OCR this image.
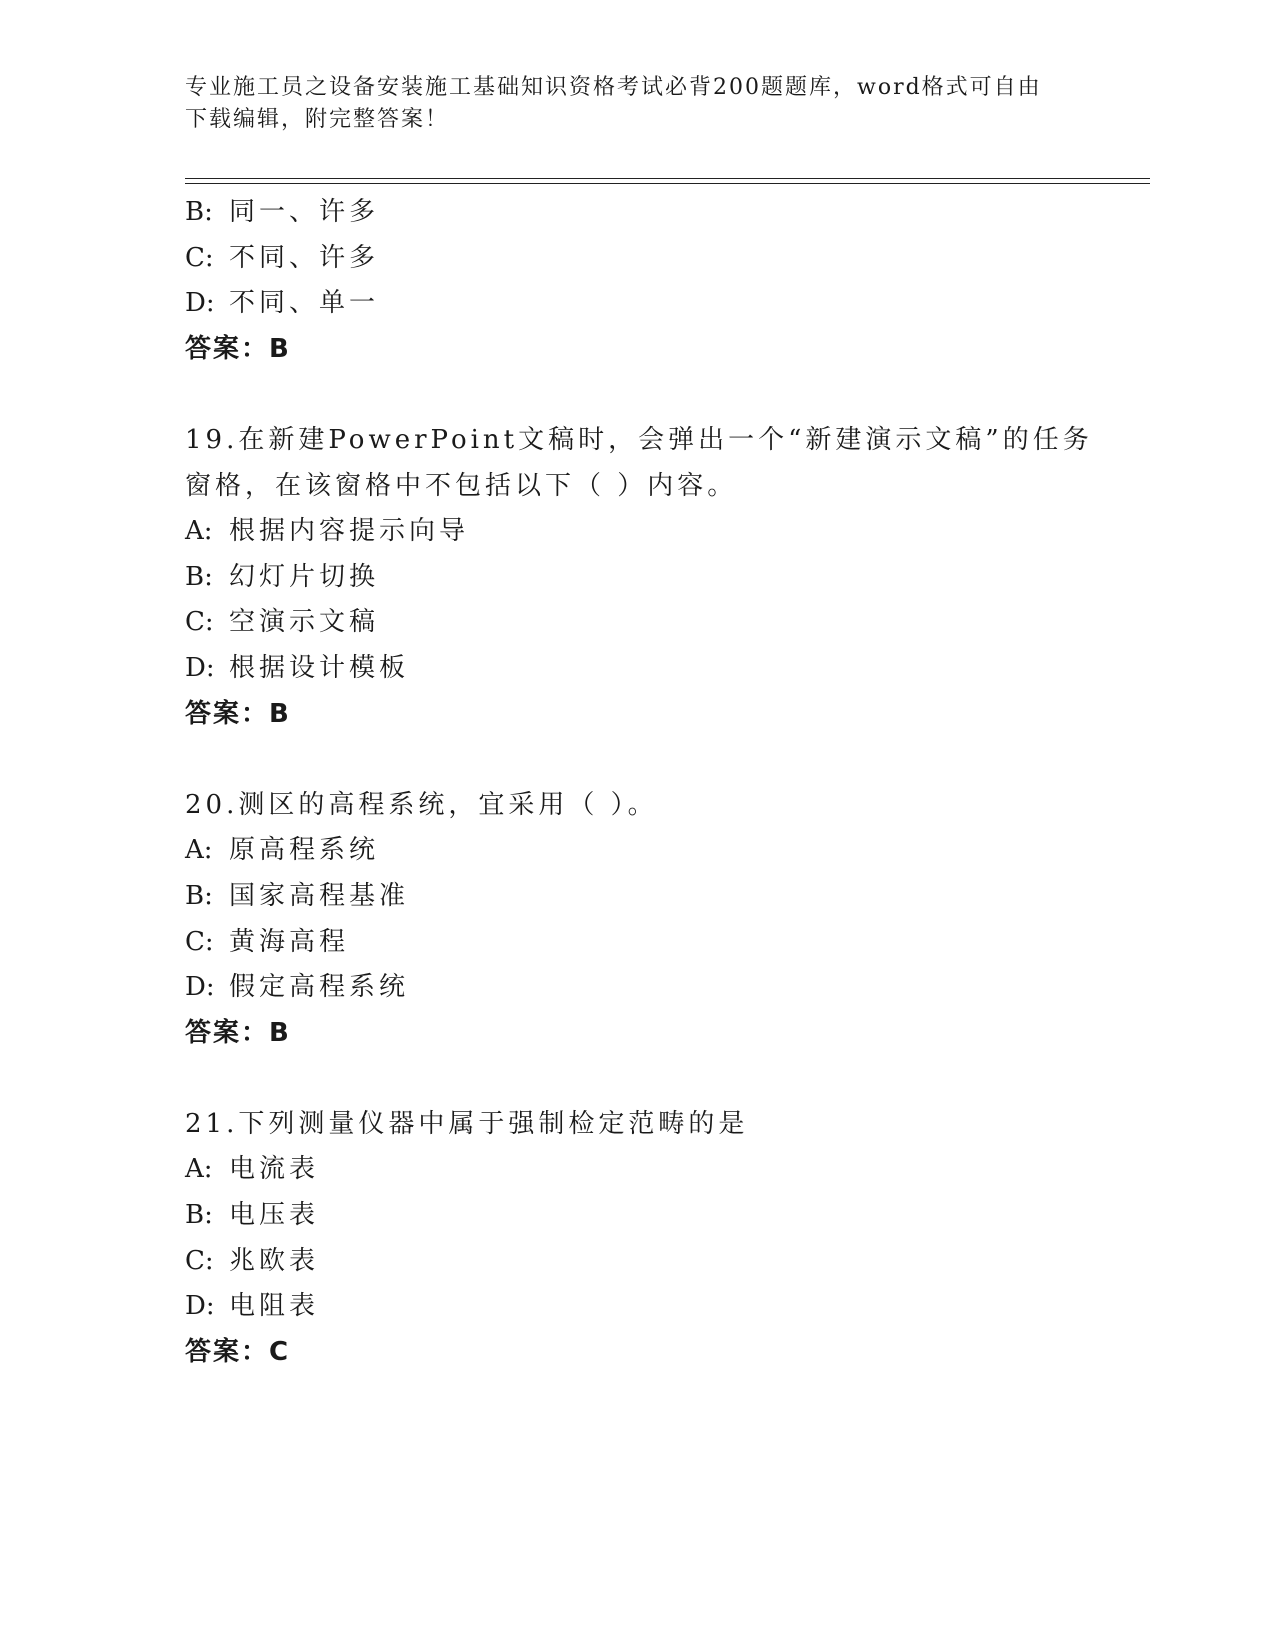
专业施工员之设备安装施工基础知识资格考试必背200题题库，word格式可自由
下载编辑，附完整答案！
B: 同一、许多
C: 不同、许多
D: 不同、单一
答案：B
19.在新建PowerPoint文稿时，会弹出一个“新建演示文稿”的任务
窗格，在该窗格中不包括以下（ ）内容。
A: 根据内容提示向导
B: 幻灯片切换
C: 空演示文稿
D: 根据设计模板
答案：B
20.测区的高程系统，宜采用（ ）。
A: 原高程系统
B: 国家高程基准
C: 黄海高程
D: 假定高程系统
答案：B
21.下列测量仪器中属于强制检定范畴的是
A: 电流表
B: 电压表
C: 兆欧表
D: 电阻表
答案：C
